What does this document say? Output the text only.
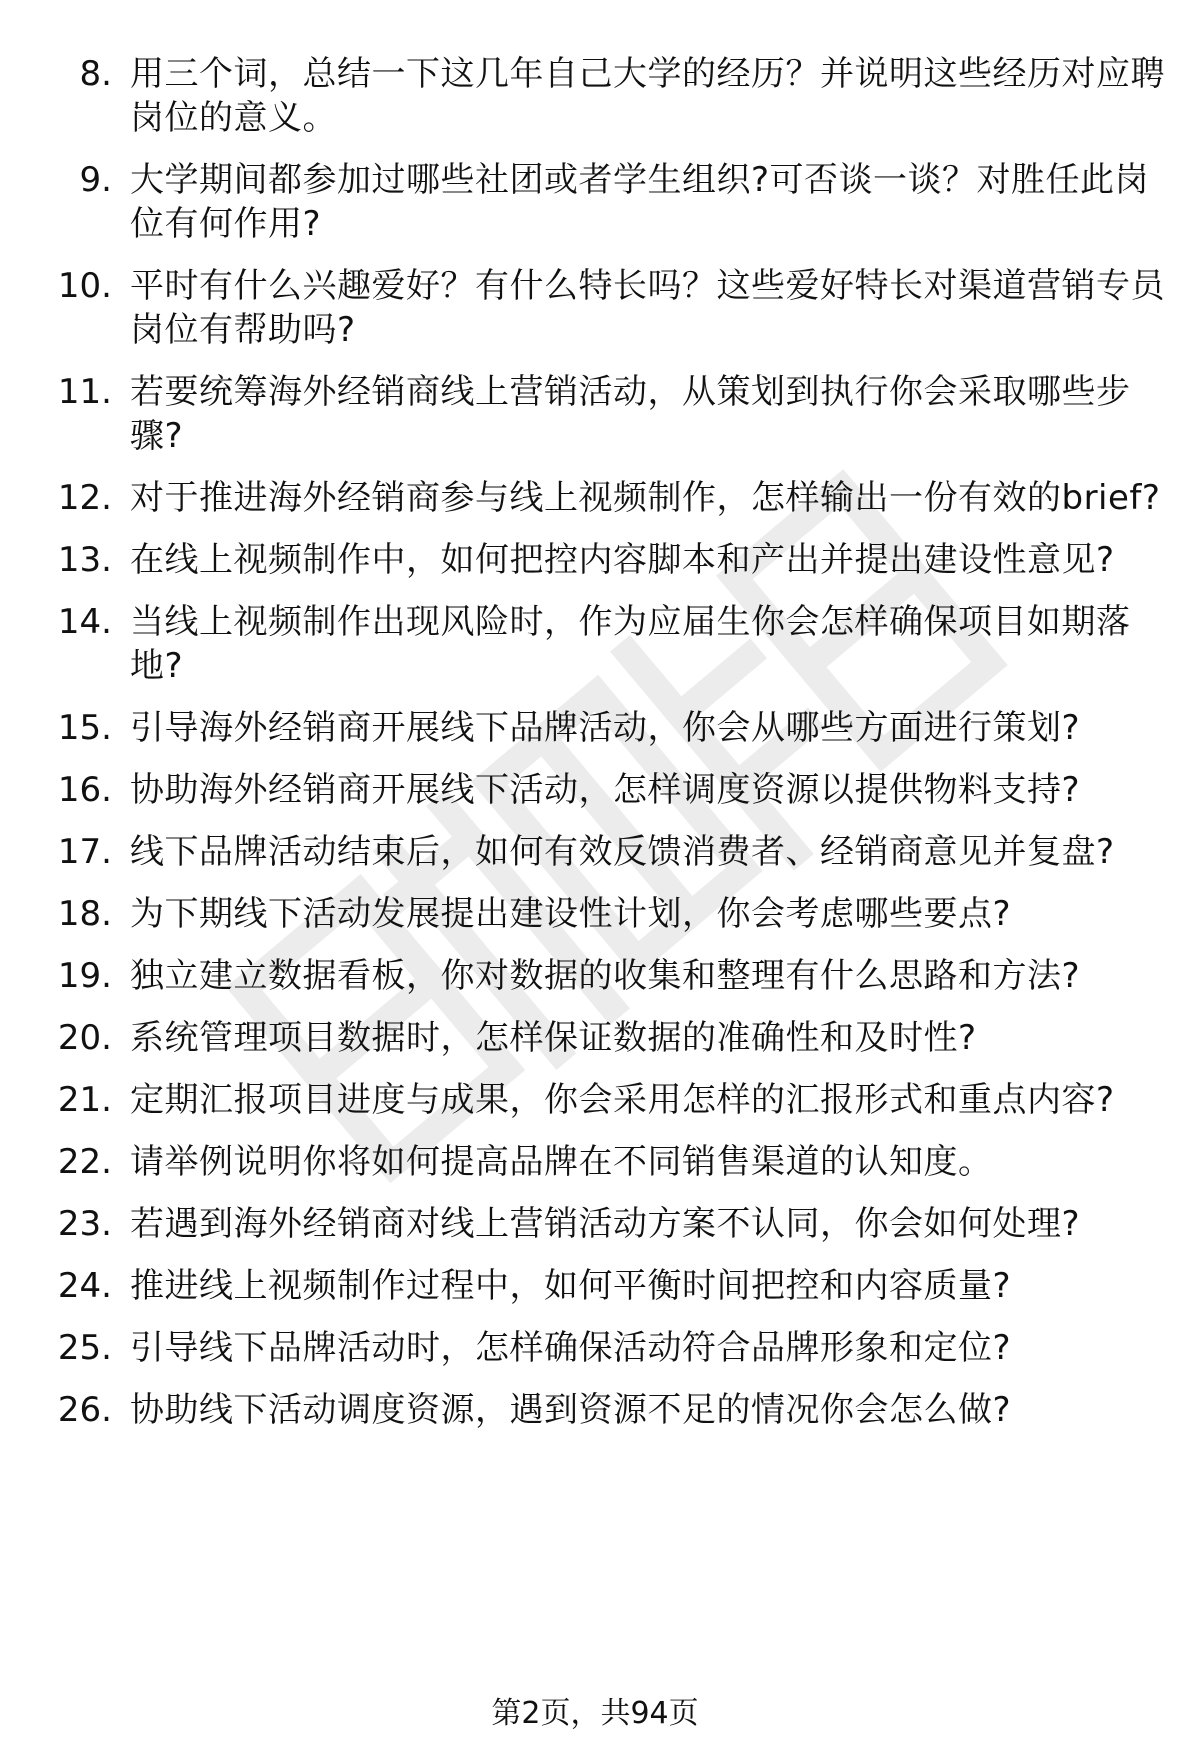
8. 用三个词，总结一下这几年自己大学的经历？并说明这些经历对应聘岗位的意义。
9. 大学期间都参加过哪些社团或者学生组织?可否谈一谈？对胜任此岗位有何作用?
10. 平时有什么兴趣爱好？有什么特长吗？这些爱好特长对渠道营销专员岗位有帮助吗?
11. 若要统筹海外经销商线上营销活动，从策划到执行你会采取哪些步骤?
12. 对于推进海外经销商参与线上视频制作，怎样输出一份有效的brief?
13. 在线上视频制作中，如何把控内容脚本和产出并提出建设性意见?
14. 当线上视频制作出现风险时，作为应届生你会怎样确保项目如期落地?
15. 引导海外经销商开展线下品牌活动，你会从哪些方面进行策划?
16. 协助海外经销商开展线下活动，怎样调度资源以提供物料支持?
17. 线下品牌活动结束后，如何有效反馈消费者、经销商意见并复盘?
18. 为下期线下活动发展提出建设性计划，你会考虑哪些要点?
19. 独立建立数据看板，你对数据的收集和整理有什么思路和方法?
20. 系统管理项目数据时，怎样保证数据的准确性和及时性?
21. 定期汇报项目进度与成果，你会采用怎样的汇报形式和重点内容?
22. 请举例说明你将如何提高品牌在不同销售渠道的认知度。
23. 若遇到海外经销商对线上营销活动方案不认同，你会如何处理?
24. 推进线上视频制作过程中，如何平衡时间把控和内容质量?
25. 引导线下品牌活动时，怎样确保活动符合品牌形象和定位?
26. 协助线下活动调度资源，遇到资源不足的情况你会怎么做?
第2页，共94页
